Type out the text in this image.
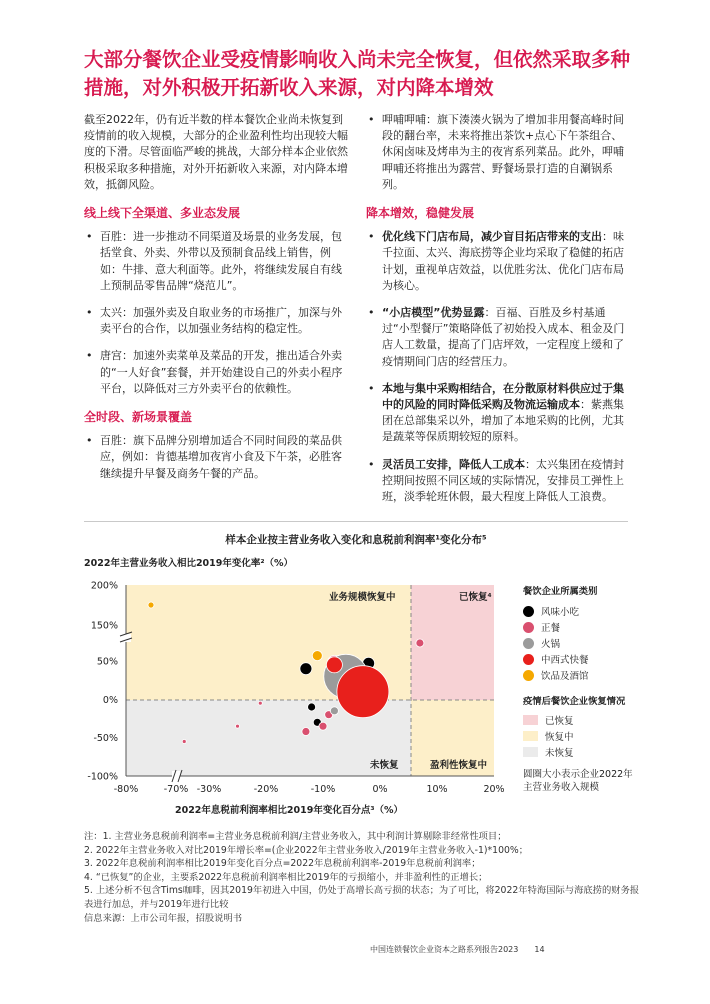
大部分餐饮企业受疫情影响收入尚未完全恢复，但依然采取多种措施，对外积极开拓新收入来源，对内降本增效

截至2022年，仍有近半数的样本餐饮企业尚未恢复到疫情前的收入规模，大部分的企业盈利性均出现较大幅度的下滑。尽管面临严峻的挑战，大部分样本企业依然积极采取多种措施，对外开拓新收入来源，对内降本增效，抵御风险。

线上线下全渠道、多业态发展

• 百胜：进一步推动不同渠道及场景的业务发展，包括堂食、外卖、外带以及预制食品线上销售，例如：牛排、意大利面等。此外，将继续发展自有线上预制品零售品牌“烧范儿”。

• 太兴：加强外卖及自取业务的市场推广，加深与外卖平台的合作，以加强业务结构的稳定性。

• 唐宫：加速外卖菜单及菜品的开发，推出适合外卖的“一人好食”套餐，并开始建设自己的外卖小程序平台，以降低对三方外卖平台的依赖性。

全时段、新场景覆盖

• 百胜：旗下品牌分别增加适合不同时间段的菜品供应，例如：肯德基增加夜宵小食及下午茶，必胜客继续提升早餐及商务午餐的产品。

• 呷哺呷哺：旗下湊湊火锅为了增加非用餐高峰时间段的翻台率，未来将推出茶饮+点心下午茶组合、休闲卤味及烤串为主的夜宵系列菜品。此外，呷哺呷哺还将推出为露营、野餐场景打造的自涮锅系列。

降本增效，稳健发展

• 优化线下门店布局，减少盲目拓店带来的支出：味千拉面、太兴、海底捞等企业均采取了稳健的拓店计划，重视单店效益，以优胜劣汰、优化门店布局为核心。

• “小店模型”优势显露：百福、百胜及乡村基通过“小型餐厅”策略降低了初始投入成本、租金及门店人工数量，提高了门店坪效，一定程度上缓和了疫情期间门店的经营压力。

• 本地与集中采购相结合，在分散原材料供应过于集中的风险的同时降低采购及物流运输成本：紫燕集团在总部集采以外，增加了本地采购的比例，尤其是蔬菜等保质期较短的原料。

• 灵活员工安排，降低人工成本：太兴集团在疫情封控期间按照不同区域的实际情况，安排员工弹性上班，淡季轮班休假，最大程度上降低人工浪费。

样本企业按主营业务收入变化和息税前利润率¹变化分布⁵

2022年主营业务收入相比2019年变化率²（%）

业务规模恢复中	已恢复⁴
未恢复	盈利性恢复中
200%
150%
50%
0%
-50%
-100%
-80%	-70% -30%	-20%	-10%	0%	10%	20%

2022年息税前利润率相比2019年变化百分点³（%）

餐饮企业所属类别

风味小吃
正餐
火锅
中西式快餐
饮品及酒馆

疫情后餐饮企业恢复情况

已恢复
恢复中
未恢复

圆圈大小表示企业2022年主营业务收入规模

注：1. 主营业务息税前利润率=主营业务息税前利润/主营业务收入，其中利润计算剔除非经常性项目；

2. 2022年主营业务收入对比2019年增长率=(企业2022年主营业务收入/2019年主营业务收入-1)*100%；

3. 2022年息税前利润率相比2019年变化百分点=2022年息税前利润率-2019年息税前利润率；

4. “已恢复”的企业，主要系2022年息税前利润率相比2019年的亏损缩小，并非盈利性的正增长；

5. 上述分析不包含Tims咖啡，因其2019年初进入中国，仍处于高增长高亏损的状态；为了可比，将2022年特海国际与海底捞的财务报表进行加总，并与2019年进行比较

信息来源：上市公司年报，招股说明书

中国连锁餐饮企业资本之路系列报告2023 14
